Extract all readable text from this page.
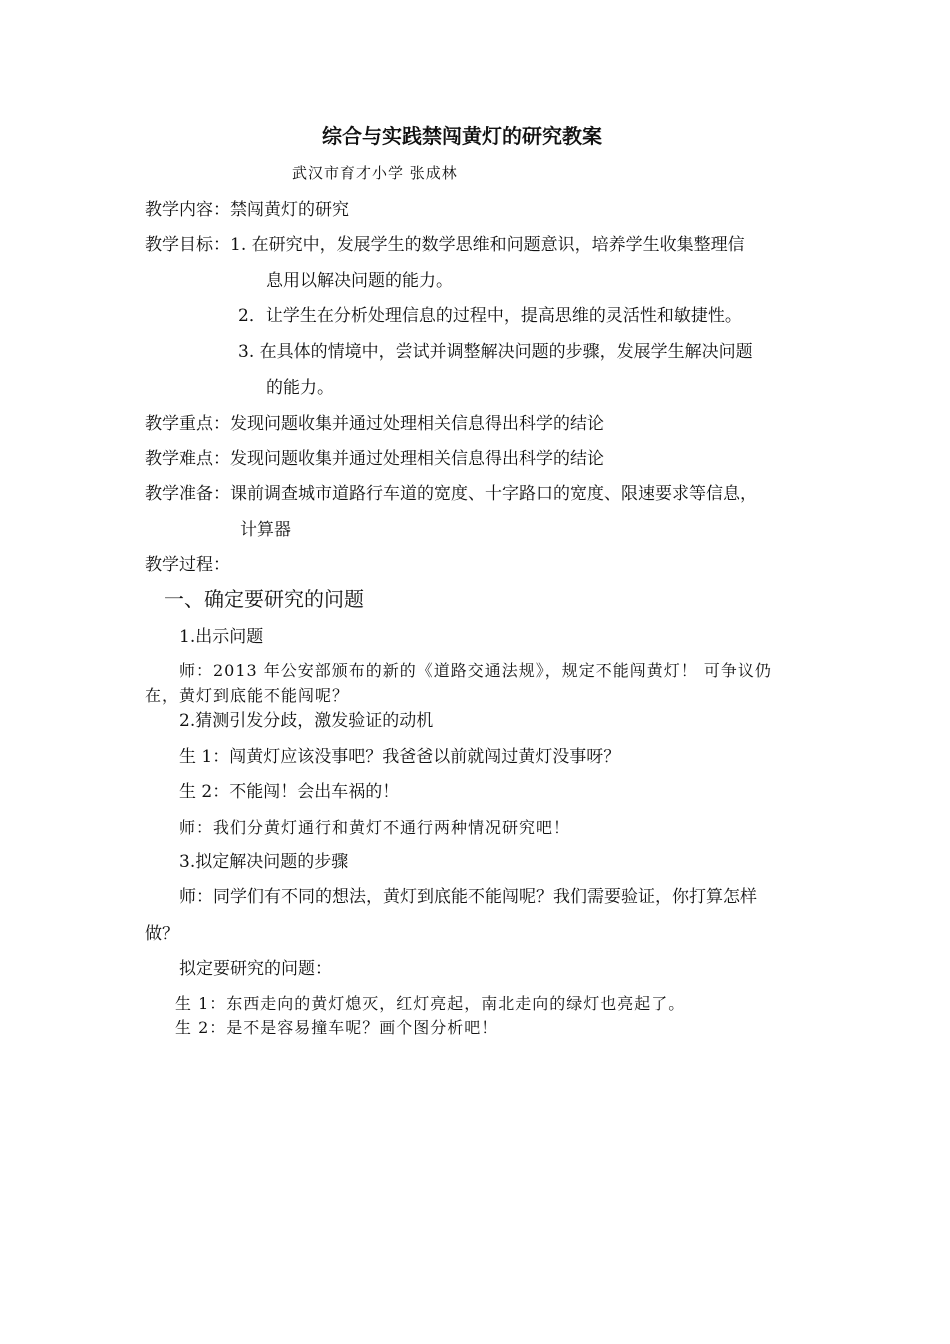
综合与实践禁闯黄灯的研究教案
武汉市育才小学 张成林
教学内容：禁闯黄灯的研究
教学目标：1. 在研究中，发展学生的数学思维和问题意识，培养学生收集整理信
息用以解决问题的能力。
2．让学生在分析处理信息的过程中，提高思维的灵活性和敏捷性。
3. 在具体的情境中，尝试并调整解决问题的步骤，发展学生解决问题
的能力。
教学重点：发现问题收集并通过处理相关信息得出科学的结论
教学难点：发现问题收集并通过处理相关信息得出科学的结论
教学准备：课前调查城市道路行车道的宽度、十字路口的宽度、限速要求等信息，
计算器
教学过程：
一、确定要研究的问题
1.出示问题
师：2013 年公安部颁布的新的《道路交通法规》，规定不能闯黄灯！ 可争议仍
在，黄灯到底能不能闯呢？
2.猜测引发分歧，激发验证的动机
生 1：闯黄灯应该没事吧？我爸爸以前就闯过黄灯没事呀？
生 2：不能闯！会出车祸的！
师：我们分黄灯通行和黄灯不通行两种情况研究吧！
3.拟定解决问题的步骤
师：同学们有不同的想法，黄灯到底能不能闯呢？我们需要验证，你打算怎样
做？
拟定要研究的问题：
生 1：东西走向的黄灯熄灭，红灯亮起，南北走向的绿灯也亮起了。
生 2：是不是容易撞车呢？画个图分析吧！
